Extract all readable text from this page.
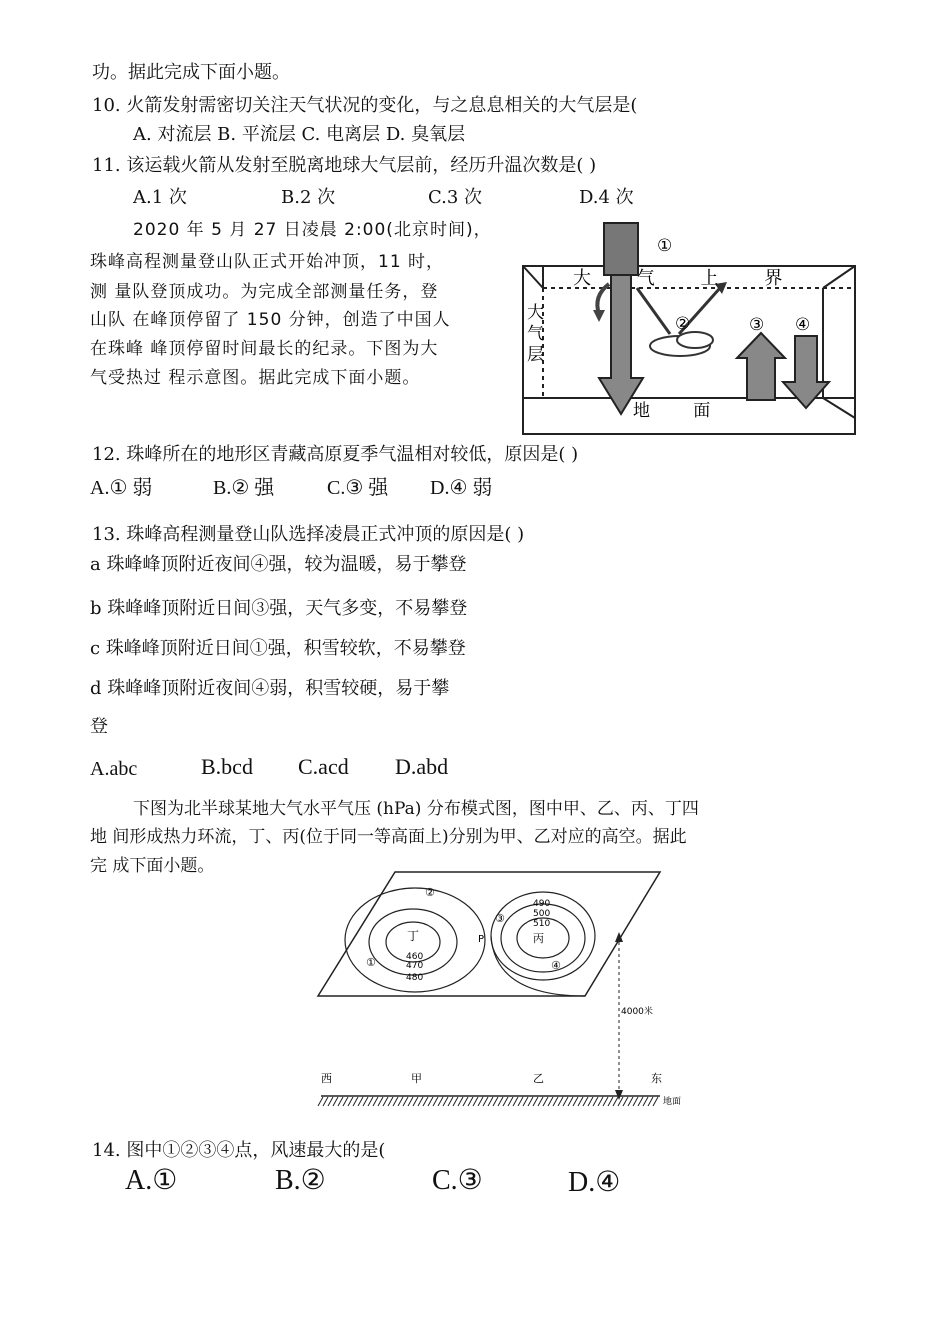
功。据此完成下面小题。
10. 火箭发射需密切关注天气状况的变化，与之息息相关的大气层是(
A. 对流层 B. 平流层 C. 电离层 D. 臭氧层
11. 该运载火箭从发射至脱离地球大气层前，经历升温次数是( )
A.1 次	B.2 次	C.3 次	D.4 次
2020 年 5 月 27 日凌晨 2:00(北京时间)，
珠峰高程测量登山队正式开始冲顶，11 时，
测 量队登顶成功。为完成全部测量任务，登
山队 在峰顶停留了 150 分钟，创造了中国人
在珠峰 峰顶停留时间最长的纪录。下图为大
气受热过 程示意图。据此完成下面小题。
①
②	③ ④
大        气        上        界
大
气
层
地        面
12. 珠峰所在的地形区青藏高原夏季气温相对较低，原因是( )
A.① 弱	B.② 强	C.③ 强 D.④ 弱
13. 珠峰高程测量登山队选择凌晨正式冲顶的原因是( )
a 珠峰峰顶附近夜间④强，较为温暖，易于攀登
b 珠峰峰顶附近日间③强，天气多变，不易攀登
c 珠峰峰顶附近日间①强，积雪较软，不易攀登
d 珠峰峰顶附近夜间④弱，积雪较硬，易于攀
登
A.abc	B.bcd C.acd D.abd
下图为北半球某地大气水平气压 (hPa) 分布模式图，图中甲、乙、丙、丁四
地 间形成热力环流，丁、丙(位于同一等高面上)分别为甲、乙对应的高空。据此
完 成下面小题。
丁	丙
P
460
470
480
490
500
510
①
②
③
④
4000米
西	甲	乙	东
地面
14. 图中①②③④点，风速最大的是(
A.①	B.②	C.③	D.④
